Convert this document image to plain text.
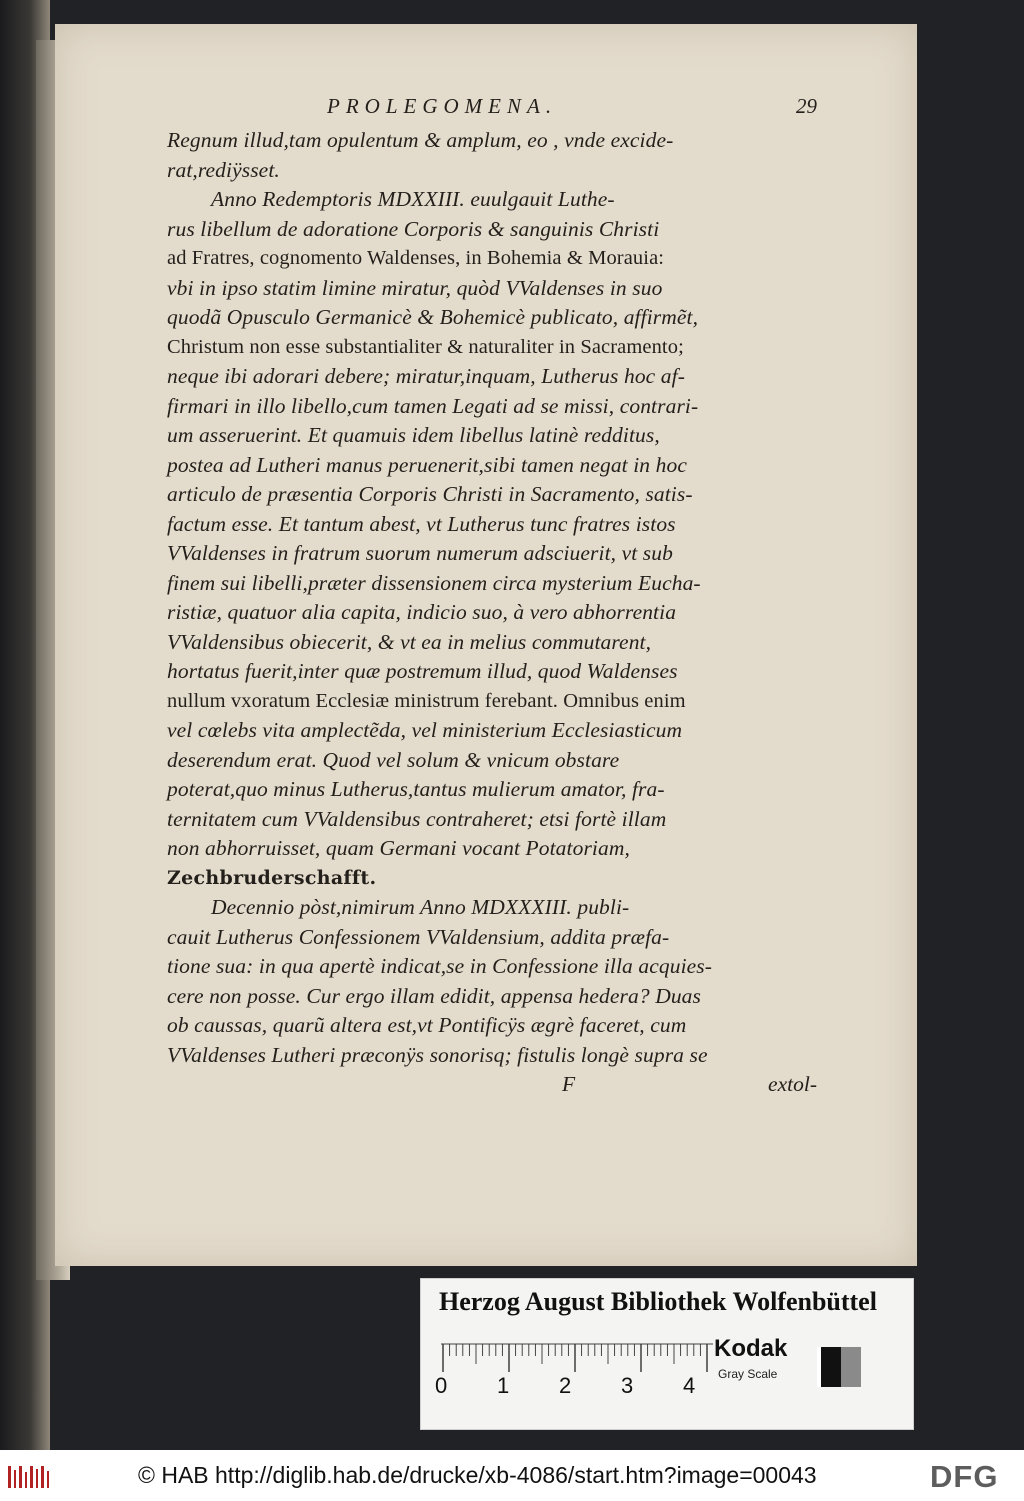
PROLEGOMENA.	29
Regnum illud,tam opulentum & amplum, eo , vnde excide-
rat,rediÿsset.
Anno Redemptoris MDXXIII. euulgauit Luthe-
rus libellum de adoratione Corporis & sanguinis Christi
ad Fratres, cognomento Waldenses, in Bohemia & Morauia:
vbi in ipso statim limine miratur, quòd VValdenses in suo
quodã Opusculo Germanicè & Bohemicè publicato, affirmẽt,
Christum non esse substantialiter & naturaliter in Sacramento;
neque ibi adorari debere; miratur,inquam, Lutherus hoc af-
firmari in illo libello,cum tamen Legati ad se missi, contrari-
um asseruerint. Et quamuis idem libellus latinè redditus,
postea ad Lutheri manus peruenerit,sibi tamen negat in hoc
articulo de præsentia Corporis Christi in Sacramento, satis-
factum esse. Et tantum abest, vt Lutherus tunc fratres istos
VValdenses in fratrum suorum numerum adsciuerit, vt sub
finem sui libelli,præter dissensionem circa mysterium Eucha-
ristiæ, quatuor alia capita, indicio suo, à vero abhorrentia
VValdensibus obiecerit, & vt ea in melius commutarent,
hortatus fuerit,inter quæ postremum illud, quod Waldenses
nullum vxoratum Ecclesiæ ministrum ferebant. Omnibus enim
vel cœlebs vita amplectẽda, vel ministerium Ecclesiasticum
deserendum erat. Quod vel solum & vnicum obstare
poterat,quo minus Lutherus,tantus mulierum amator, fra-
ternitatem cum VValdensibus contraheret; etsi fortè illam
non abhorruisset, quam Germani vocant Potatoriam,
Zechbruderschafft.
Decennio pòst,nimirum Anno MDXXXIII. publi-
cauit Lutherus Confessionem VValdensium, addita præfa-
tione sua: in qua apertè indicat,se in Confessione illa acquies-
cere non posse. Cur ergo illam edidit, appensa hedera? Duas
ob caussas, quarũ altera est,vt Pontificÿs ægrè faceret, cum
VValdenses Lutheri præconÿs sonorisq; fistulis longè supra se
F	extol-
Herzog August Bibliothek Wolfenbüttel
0 1 2 3 4
Kodak
Gray Scale
© HAB http://diglib.hab.de/drucke/xb-4086/start.htm?image=00043	DFG
